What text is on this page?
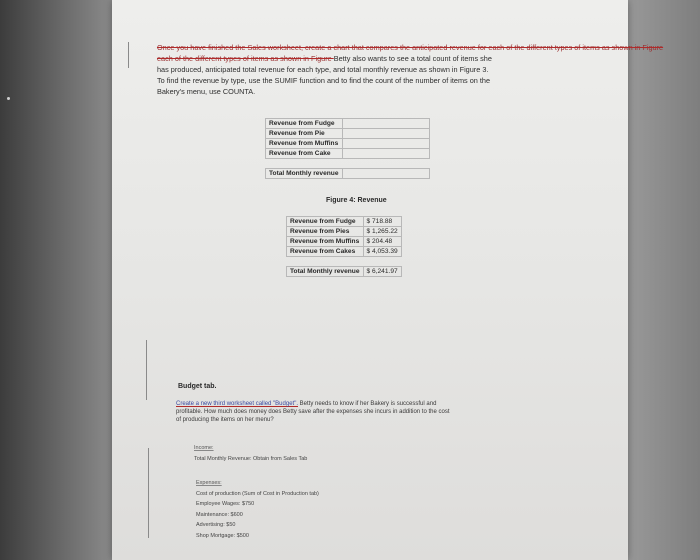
Once you have finished the Sales worksheet, create a chart that compares the anticipated revenue for each of the different types of items as shown in Figure
each of the different types of items as shown in Figure Betty also wants to see a total count of items she
has produced, anticipated total revenue for each type, and total monthly revenue as shown in Figure 3.
To find the revenue by type, use the SUMIF function and to find the count of the number of items on the
Bakery's menu, use COUNTA.
Revenue from Fudge	
Revenue from Pie	
Revenue from Muffins	
Revenue from Cake	

Total Monthly revenue	
Figure 4: Revenue
Revenue from Fudge	$ 718.88
Revenue from Pies	$ 1,265.22
Revenue from Muffins	$ 204.48
Revenue from Cakes	$ 4,053.39

Total Monthly revenue	$ 6,241.97
Budget tab.
Create a new third worksheet called "Budget". Betty needs to know if her Bakery is successful and
profitable. How much does money does Betty save after the expenses she incurs in addition to the cost
of producing the items on her menu?
Income:
Total Monthly Revenue: Obtain from Sales Tab
Expenses:
Cost of production (Sum of Cost in Production tab)
Employee Wages: $750
Maintenance: $600
Advertising: $50
Shop Mortgage: $500
